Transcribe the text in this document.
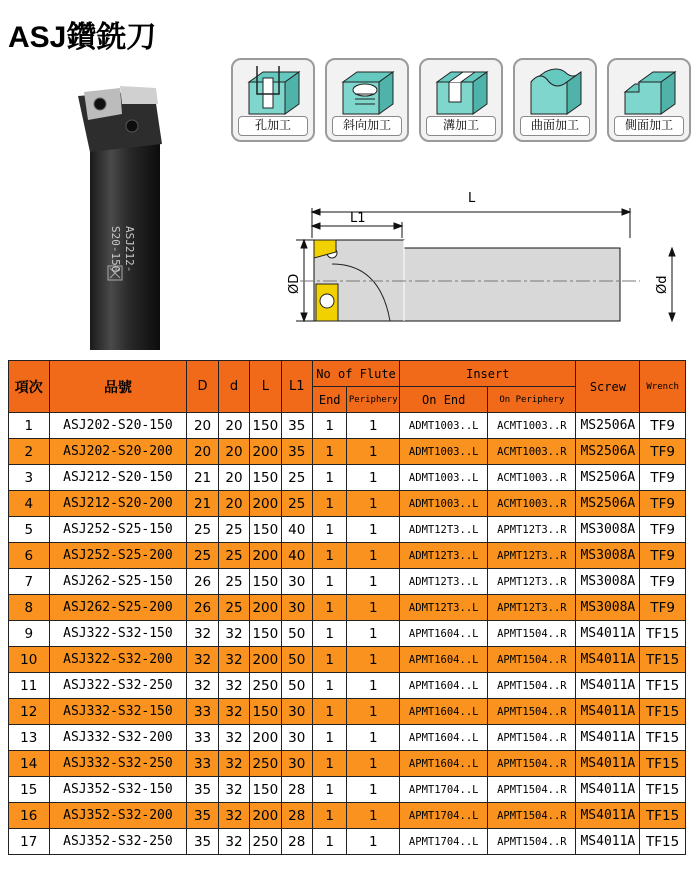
ASJ鑽銑刀
ASJ212-
S20-150
孔加工	斜向加工	溝加工	曲面加工	側面加工
L
L1
ØD	Ød
項次	品號	D	d	L	L1	No of Flute		Insert		Screw	Wrench
						End	Periphery	On End	On Periphery		
1	ASJ202-S20-150	20	20	150	35	1	1	ADMT1003..L	ACMT1003..R	MS2506A	TF9
2	ASJ202-S20-200	20	20	200	35	1	1	ADMT1003..L	ACMT1003..R	MS2506A	TF9
3	ASJ212-S20-150	21	20	150	25	1	1	ADMT1003..L	ACMT1003..R	MS2506A	TF9
4	ASJ212-S20-200	21	20	200	25	1	1	ADMT1003..L	ACMT1003..R	MS2506A	TF9
5	ASJ252-S25-150	25	25	150	40	1	1	ADMT12T3..L	APMT12T3..R	MS3008A	TF9
6	ASJ252-S25-200	25	25	200	40	1	1	ADMT12T3..L	APMT12T3..R	MS3008A	TF9
7	ASJ262-S25-150	26	25	150	30	1	1	ADMT12T3..L	APMT12T3..R	MS3008A	TF9
8	ASJ262-S25-200	26	25	200	30	1	1	ADMT12T3..L	APMT12T3..R	MS3008A	TF9
9	ASJ322-S32-150	32	32	150	50	1	1	APMT1604..L	APMT1504..R	MS4011A	TF15
10	ASJ322-S32-200	32	32	200	50	1	1	APMT1604..L	APMT1504..R	MS4011A	TF15
11	ASJ322-S32-250	32	32	250	50	1	1	APMT1604..L	APMT1504..R	MS4011A	TF15
12	ASJ332-S32-150	33	32	150	30	1	1	APMT1604..L	APMT1504..R	MS4011A	TF15
13	ASJ332-S32-200	33	32	200	30	1	1	APMT1604..L	APMT1504..R	MS4011A	TF15
14	ASJ332-S32-250	33	32	250	30	1	1	APMT1604..L	APMT1504..R	MS4011A	TF15
15	ASJ352-S32-150	35	32	150	28	1	1	APMT1704..L	APMT1504..R	MS4011A	TF15
16	ASJ352-S32-200	35	32	200	28	1	1	APMT1704..L	APMT1504..R	MS4011A	TF15
17	ASJ352-S32-250	35	32	250	28	1	1	APMT1704..L	APMT1504..R	MS4011A	TF15
